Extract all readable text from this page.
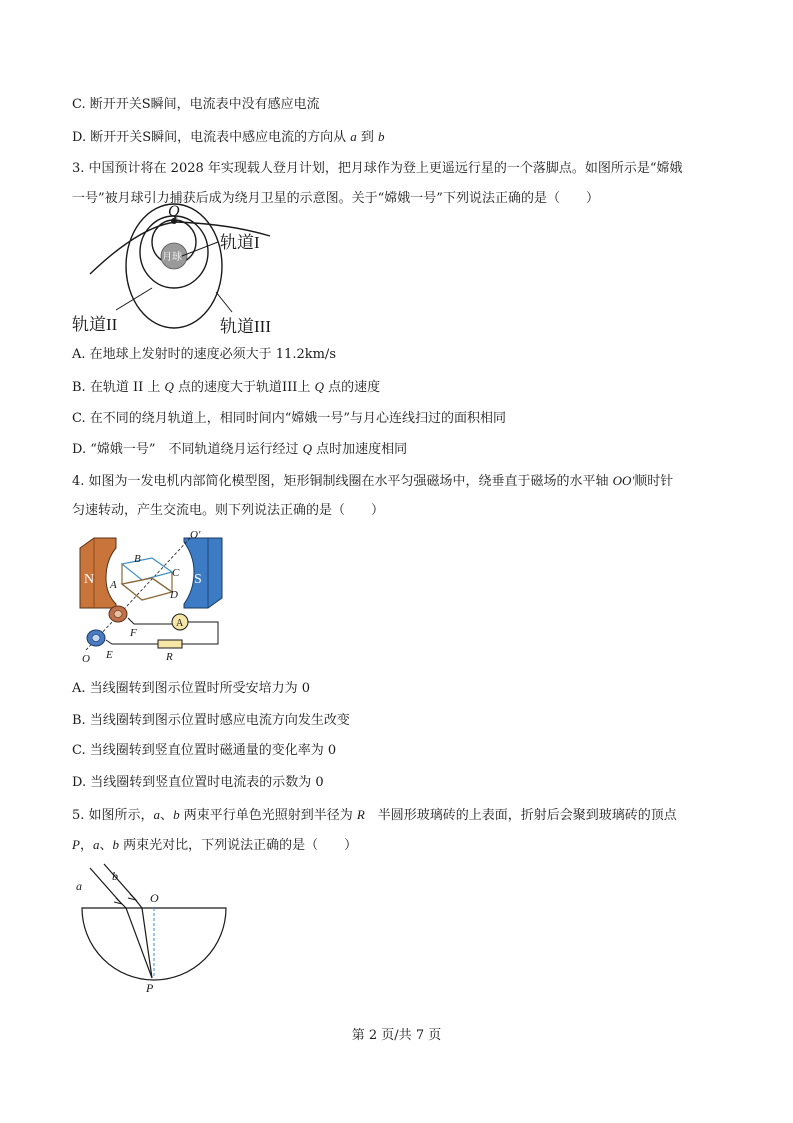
C. 断开开关S瞬间，电流表中没有感应电流
D. 断开开关S瞬间，电流表中感应电流的方向从 a 到 b
3. 中国预计将在 2028 年实现载人登月计划，把月球作为登上更遥远行星的一个落脚点。如图所示是“嫦娥
一号”被月球引力捕获后成为绕月卫星的示意图。关于“嫦娥一号”下列说法正确的是（　　）
月球
Q
轨道I
轨道II	轨道III
A. 在地球上发射时的速度必须大于 11.2km/s
B. 在轨道 II 上 Q 点的速度大于轨道III上 Q 点的速度
C. 在不同的绕月轨道上，相同时间内“嫦娥一号”与月心连线扫过的面积相同
D. “嫦娥一号”　不同轨道绕月运行经过 Q 点时加速度相同
4. 如图为一发电机内部简化模型图，矩形铜制线圈在水平匀强磁场中，绕垂直于磁场的水平轴 OO′顺时针
匀速转动，产生交流电。则下列说法正确的是（　　）
N	S
O′
A
B
C
D
F
A
R
E
O
A. 当线圈转到图示位置时所受安培力为 0
B. 当线圈转到图示位置时感应电流方向发生改变
C. 当线圈转到竖直位置时磁通量的变化率为 0
D. 当线圈转到竖直位置时电流表的示数为 0
5. 如图所示，a、b 两束平行单色光照射到半径为 R　半圆形玻璃砖的上表面，折射后会聚到玻璃砖的顶点
P，a、b 两束光对比，下列说法正确的是（　　）
a
b
O
P
第 2 页/共 7 页
